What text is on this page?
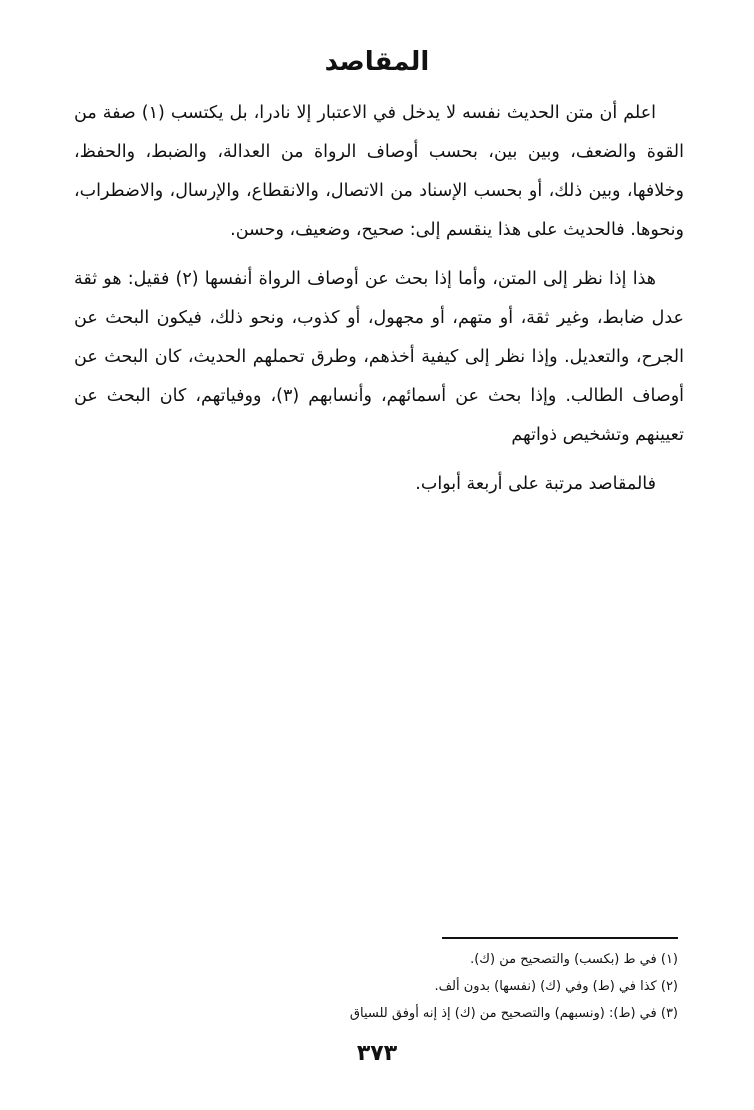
المقاصد

اعلم أن متن الحديث نفسه لا يدخل في الاعتبار إلا نادرا، بل يكتسب (١) صفة من القوة والضعف، وبين بين، بحسب أوصاف الرواة من العدالة، والضبط، والحفظ، وخلافها، وبين ذلك، أو بحسب الإسناد من الاتصال، والانقطاع، والإرسال، والاضطراب، ونحوها. فالحديث على هذا ينقسم إلى: صحيح، وضعيف، وحسن.

هذا إذا نظر إلى المتن، وأما إذا بحث عن أوصاف الرواة أنفسها (٢) فقيل: هو ثقة عدل ضابط، وغير ثقة، أو متهم، أو مجهول، أو كذوب، ونحو ذلك، فيكون البحث عن الجرح، والتعديل. وإذا نظر إلى كيفية أخذهم، وطرق تحملهم الحديث، كان البحث عن أوصاف الطالب. وإذا بحث عن أسمائهم، وأنسابهم (٣)، ووفياتهم، كان البحث عن تعيينهم وتشخيص ذواتهم

فالمقاصد مرتبة على أربعة أبواب.

(١) في ط (بكسب) والتصحيح من (ك).
(٢) كذا في (ط) وفي (ك) (نفسها) بدون ألف.
(٣) في (ط): (ونسبهم) والتصحيح من (ك) إذ إنه أوفق للسياق
٣٧٣
